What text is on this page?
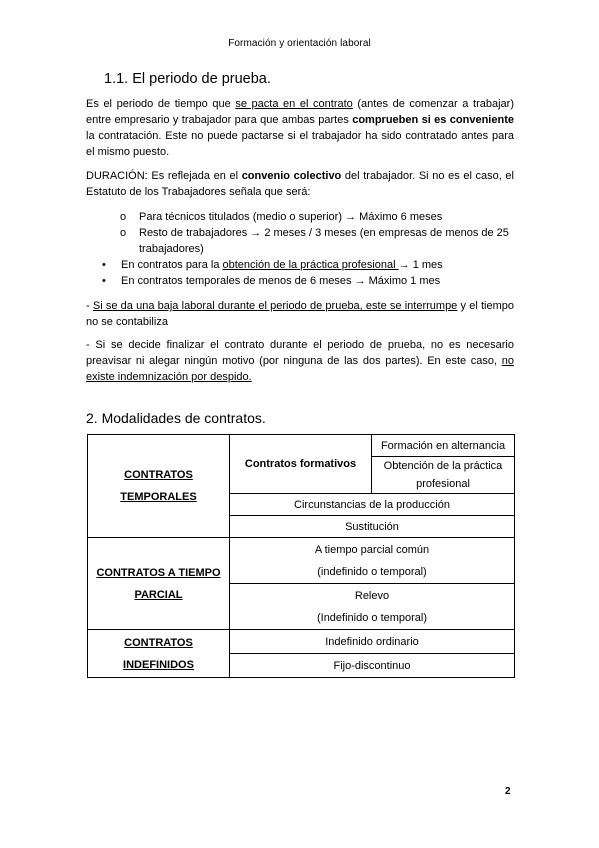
Formación y orientación laboral
1.1. El periodo de prueba.

Es el periodo de tiempo que se pacta en el contrato (antes de comenzar a trabajar) entre empresario y trabajador para que ambas partes comprueben si es conveniente la contratación. Este no puede pactarse si el trabajador ha sido contratado antes para el mismo puesto.

DURACIÓN: Es reflejada en el convenio colectivo del trabajador. Si no es el caso, el Estatuto de los Trabajadores señala que será:

o Para técnicos titulados (medio o superior) → Máximo 6 meses
o Resto de trabajadores → 2 meses / 3 meses (en empresas de menos de 25 trabajadores)
• En contratos para la obtención de la práctica profesional → 1 mes
• En contratos temporales de menos de 6 meses → Máximo 1 mes

- Si se da una baja laboral durante el periodo de prueba, este se interrumpe y el tiempo no se contabiliza

- Si se decide finalizar el contrato durante el periodo de prueba, no es necesario preavisar ni alegar ningún motivo (por ninguna de las dos partes). En este caso, no existe indemnización por despido.

2. Modalidades de contratos.
CONTRATOS TEMPORALES	Contratos formativos	Formación en alternancia
		Obtención de la práctica profesional
	Circunstancias de la producción	
	Sustitución	
CONTRATOS A TIEMPO PARCIAL	A tiempo parcial común
(indefinido o temporal)	

	Relevo
(Indefinido o temporal)	

CONTRATOS INDEFINIDOS	Indefinido ordinario	
	Fijo-discontinuo	
2
